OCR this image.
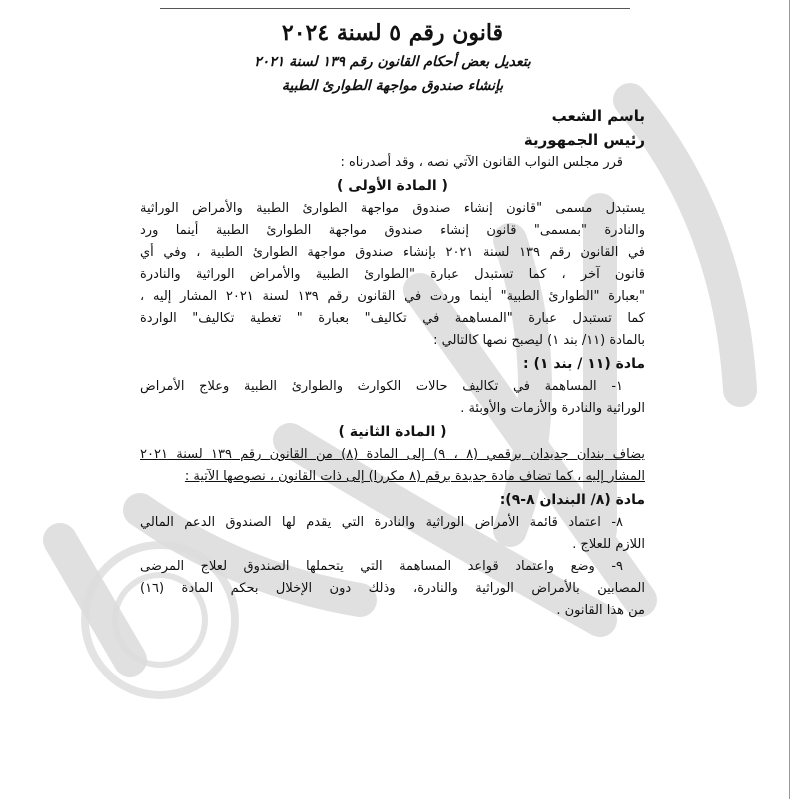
قانون رقم ٥ لسنة ٢٠٢٤
بتعديل بعض أحكام القانون رقم ١٣٩ لسنة ٢٠٢١
بإنشاء صندوق مواجهة الطوارئ الطبية
باسم الشعب
رئيس الجمهورية
قرر مجلس النواب القانون الآتي نصه ، وقد أصدرناه :
( المادة الأولى )
يستبدل مسمى "قانون إنشاء صندوق مواجهة الطوارئ الطبية والأمراض الوراثية
والنادرة "بمسمى" قانون إنشاء صندوق مواجهة الطوارئ الطبية أينما ورد
في القانون رقم ١٣٩ لسنة ٢٠٢١ بإنشاء صندوق مواجهة الطوارئ الطبية ، وفي أي
قانون آخر ، كما تستبدل عبارة "الطوارئ الطبية والأمراض الوراثية والنادرة
"بعبارة "الطوارئ الطبية" أينما وردت في القانون رقم ١٣٩ لسنة ٢٠٢١ المشار إليه ،
كما تستبدل عبارة "المساهمة في تكاليف" بعبارة " تغطية تكاليف" الواردة
بالمادة (١١/ بند ١) ليصبح نصها كالتالي :
مادة (١١ / بند ١) :
١- المساهمة في تكاليف حالات الكوارث والطوارئ الطبية وعلاج الأمراض
الوراثية والنادرة والأزمات والأوبئة .
( المادة الثانية )
يضاف بندان جديدان برقمي (٨ ، ٩) إلى المادة (٨) من القانون رقم ١٣٩ لسنة ٢٠٢١
المشار إليه ، كما تضاف مادة جديدة برقم (٨ مكررا) إلى ذات القانون ، نصوصها الآتية :
مادة (٨/ البندان ٨-٩):
٨- اعتماد قائمة الأمراض الوراثية والنادرة التي يقدم لها الصندوق الدعم المالي
اللازم للعلاج .
٩- وضع واعتماد قواعد المساهمة التي يتحملها الصندوق لعلاج المرضى
المصابين بالأمراض الوراثية والنادرة، وذلك دون الإخلال بحكم المادة (١٦)
من هذا القانون .
